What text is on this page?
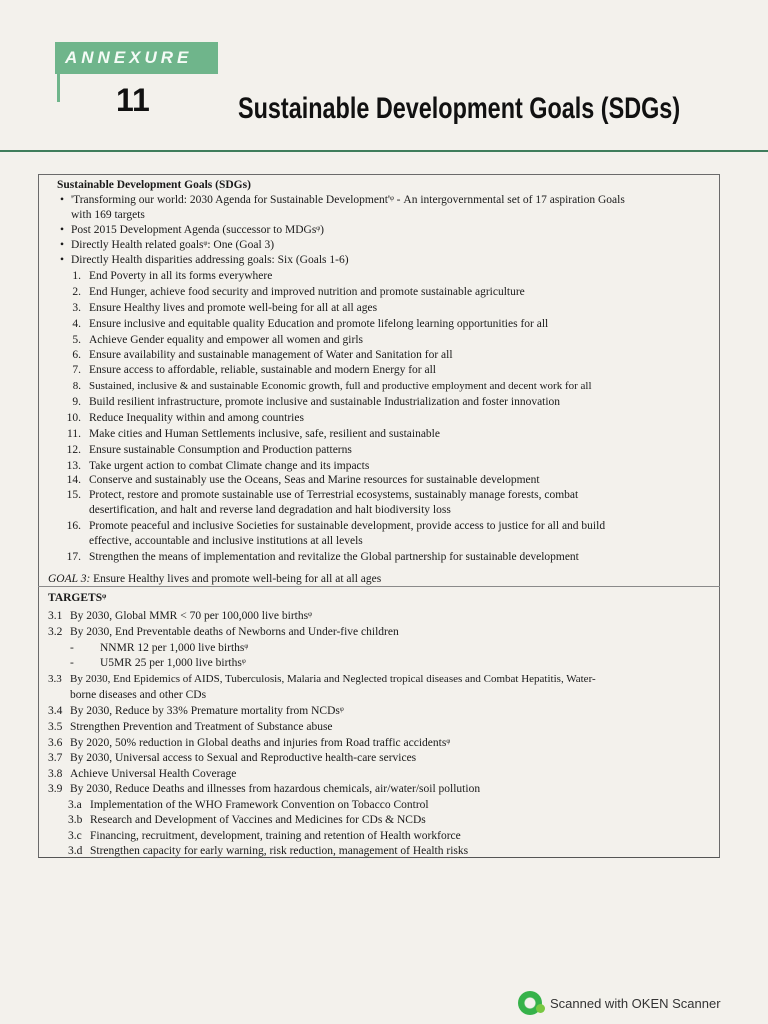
ANNEXURE
11	Sustainable Development Goals (SDGs)
Sustainable Development Goals (SDGs)
• 'Transforming our world: 2030 Agenda for Sustainable Development'ᵠ - An intergovernmental set of 17 aspiration Goals
with 169 targets
• Post 2015 Development Agenda (successor to MDGsᵠ)
• Directly Health related goalsᵠ: One (Goal 3)
• Directly Health disparities addressing goals: Six (Goals 1-6)
1. End Poverty in all its forms everywhere
2. End Hunger, achieve food security and improved nutrition and promote sustainable agriculture
3. Ensure Healthy lives and promote well-being for all at all ages
4. Ensure inclusive and equitable quality Education and promote lifelong learning opportunities for all
5. Achieve Gender equality and empower all women and girls
6. Ensure availability and sustainable management of Water and Sanitation for all
7. Ensure access to affordable, reliable, sustainable and modern Energy for all
8. Sustained, inclusive & and sustainable Economic growth, full and productive employment and decent work for all
9. Build resilient infrastructure, promote inclusive and sustainable Industrialization and foster innovation
10. Reduce Inequality within and among countries
11. Make cities and Human Settlements inclusive, safe, resilient and sustainable
12. Ensure sustainable Consumption and Production patterns
13. Take urgent action to combat Climate change and its impacts
14. Conserve and sustainably use the Oceans, Seas and Marine resources for sustainable development
15. Protect, restore and promote sustainable use of Terrestrial ecosystems, sustainably manage forests, combat
desertification, and halt and reverse land degradation and halt biodiversity loss
16. Promote peaceful and inclusive Societies for sustainable development, provide access to justice for all and build
effective, accountable and inclusive institutions at all levels
17. Strengthen the means of implementation and revitalize the Global partnership for sustainable development
GOAL 3: Ensure Healthy lives and promote well-being for all at all ages
TARGETSᵠ
3.1 By 2030, Global MMR < 70 per 100,000 live birthsᵠ
3.2 By 2030, End Preventable deaths of Newborns and Under-five children
- NNMR 12 per 1,000 live birthsᵠ
- U5MR 25 per 1,000 live birthsᵠ
3.3 By 2030, End Epidemics of AIDS, Tuberculosis, Malaria and Neglected tropical diseases and Combat Hepatitis, Water-
borne diseases and other CDs
3.4 By 2030, Reduce by 33% Premature mortality from NCDsᵠ
3.5 Strengthen Prevention and Treatment of Substance abuse
3.6 By 2020, 50% reduction in Global deaths and injuries from Road traffic accidentsᵠ
3.7 By 2030, Universal access to Sexual and Reproductive health-care services
3.8 Achieve Universal Health Coverage
3.9 By 2030, Reduce Deaths and illnesses from hazardous chemicals, air/water/soil pollution
3.a Implementation of the WHO Framework Convention on Tobacco Control
3.b Research and Development of Vaccines and Medicines for CDs & NCDs
3.c Financing, recruitment, development, training and retention of Health workforce
3.d Strengthen capacity for early warning, risk reduction, management of Health risks
Scanned with OKEN Scanner
